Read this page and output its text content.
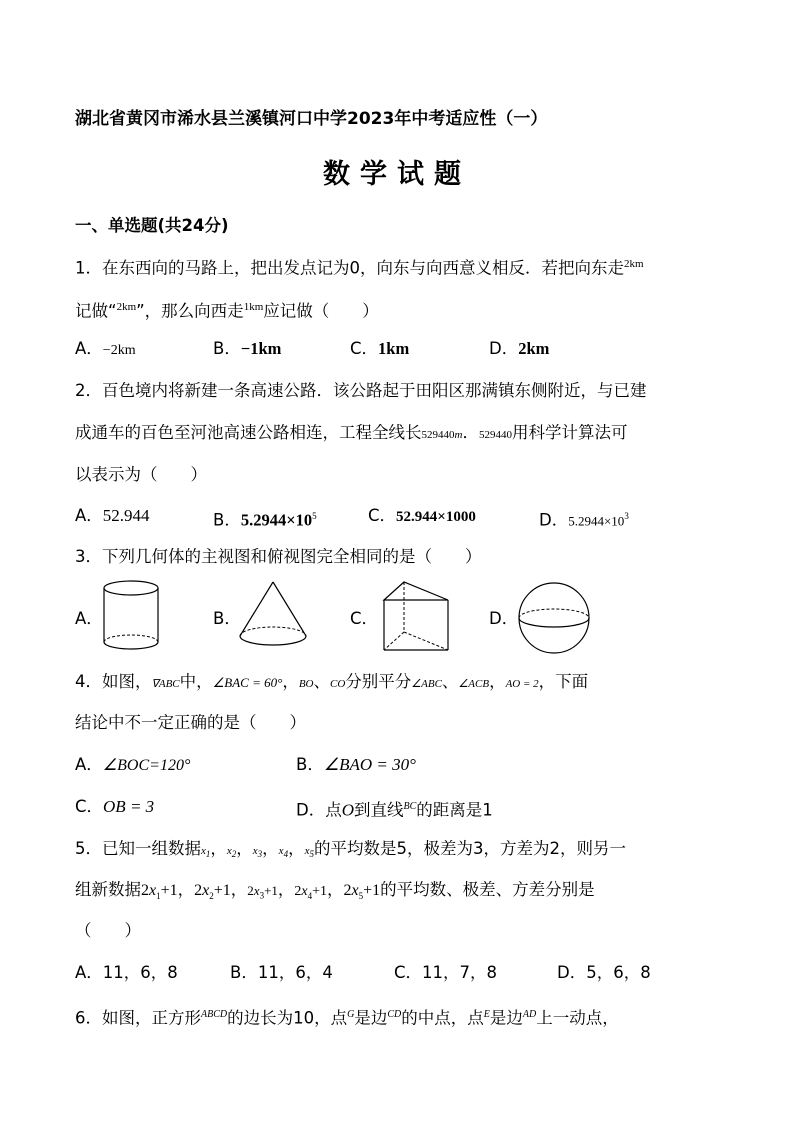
湖北省黄冈市浠水县兰溪镇河口中学2023年中考适应性（一）
数学试题
一、单选题(共24分)
1．在东西向的马路上，把出发点记为0，向东与向西意义相反．若把向东走$^{2km}$
记做“$^{2km}$”，那么向西走$^{1km}$应记做（　　）
A．−2km	B．−1km	C．1km	D．2km
2．百色境内将新建一条高速公路．该公路起于田阳区那满镇东侧附近，与已建
成通车的百色至河池高速公路相连，工程全线长529440m．529440用科学计算法可
以表示为（　　）
A．52.944	B．$5.2944\times 10^5$	C．52.944×1000	D．$5.2944\times 10^3$
3．下列几何体的主视图和俯视图完全相同的是（　　）
A．	B．	C．	D．
4．如图，∇ABC中，∠BAC = 60°，BO、CO分别平分∠ABC、∠ACB，AO = 2，下面
结论中不一定正确的是（　　）
A．∠BOC=120°	B．∠BAO = 30°
C．OB = 3	D．点O到直线$^{BC}$的距离是1
5．已知一组数据$x_1$，$x_2$，$x_3$，$x_4$，$x_5$的平均数是5，极差为3，方差为2，则另一
组新数据$2x_1+1$，$2x_2+1$，$2x_3+1$，$2x_4+1$，$2x_5+1$的平均数、极差、方差分别是
（　　）
A．11，6，8	B．11，6，4	C．11，7，8	D．5，6，8
6．如图，正方形$^{ABCD}$的边长为10，点$^G$是边$^{CD}$的中点，点$^E$是边$^{AD}$上一动点，
